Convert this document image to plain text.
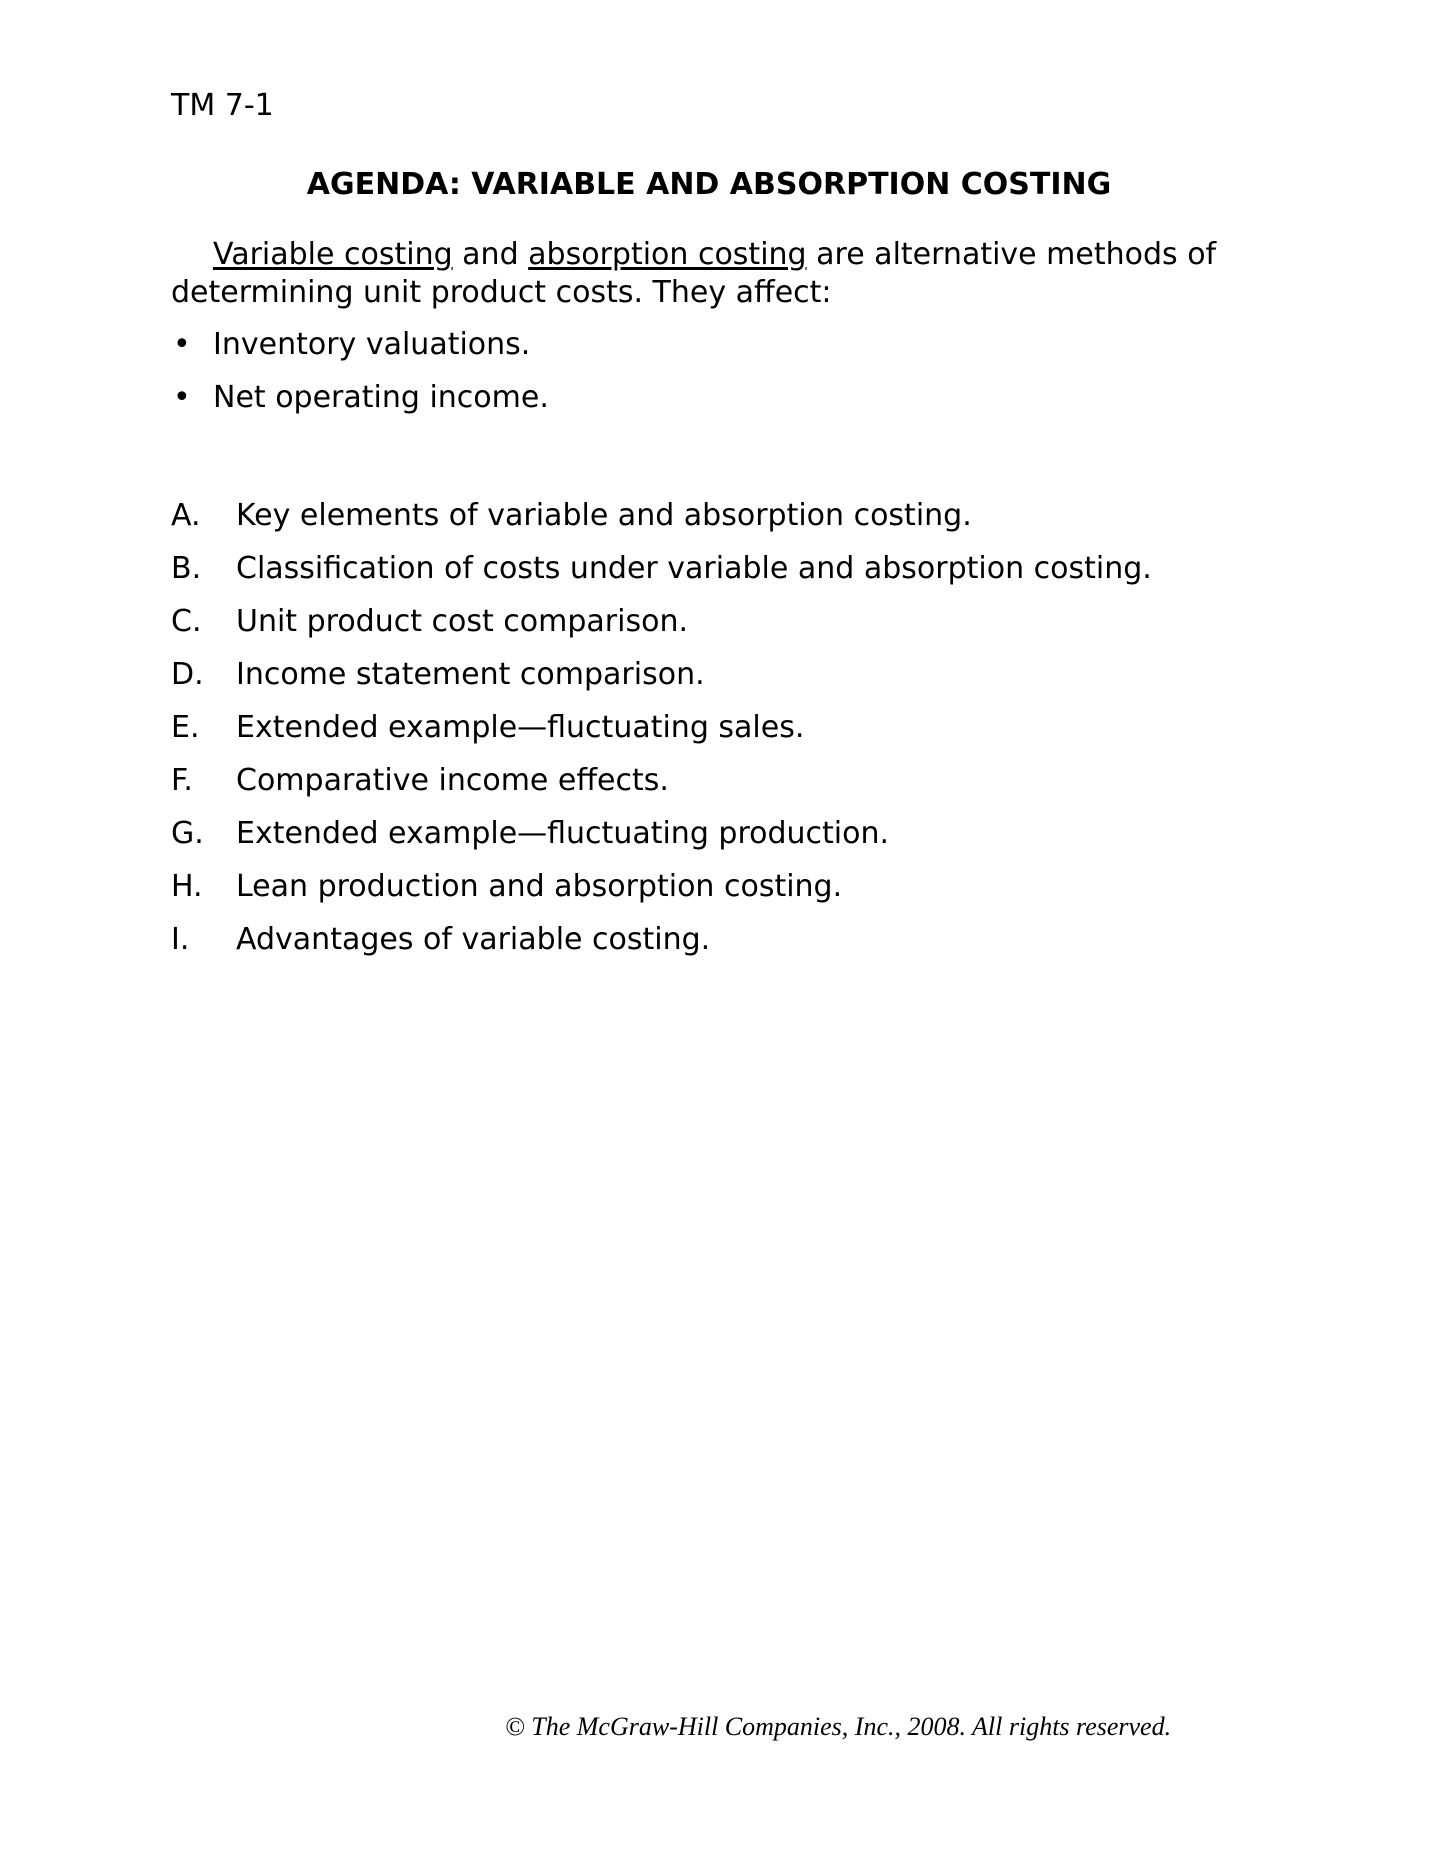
TM 7-1
AGENDA: VARIABLE AND ABSORPTION COSTING

Variable costing and absorption costing are alternative methods of determining unit product costs. They affect:

• Inventory valuations.
• Net operating income.
A. Key elements of variable and absorption costing.
B. Classification of costs under variable and absorption costing.
C. Unit product cost comparison.
D. Income statement comparison.
E. Extended example—fluctuating sales.
F. Comparative income effects.
G. Extended example—fluctuating production.
H. Lean production and absorption costing.
I. Advantages of variable costing.
© The McGraw-Hill Companies, Inc., 2008. All rights reserved.
